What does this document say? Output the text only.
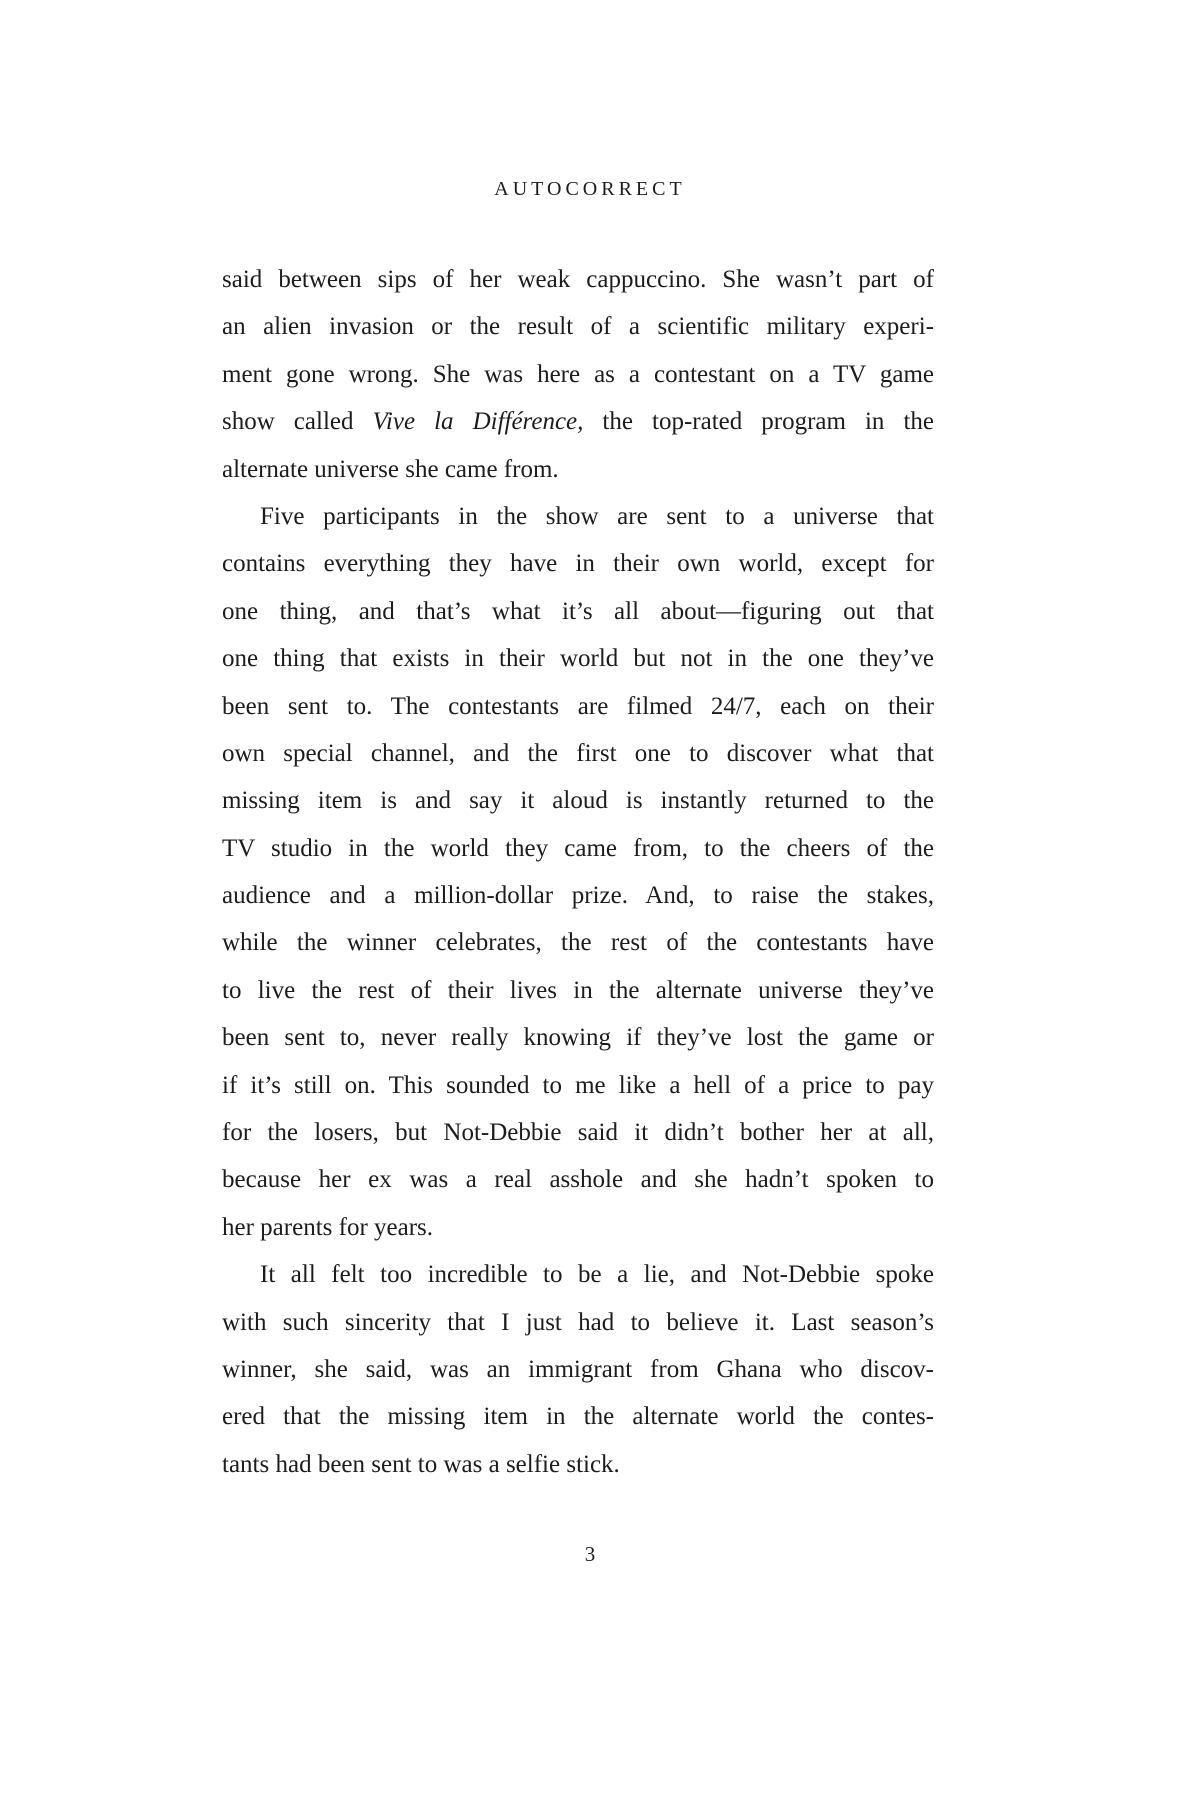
AUTOCORRECT
said between sips of her weak cappuccino. She wasn’t part of
an alien invasion or the result of a scientific military experi-
ment gone wrong. She was here as a contestant on a TV game
show called Vive la Différence, the top-rated program in the
alternate universe she came from.
Five participants in the show are sent to a universe that
contains everything they have in their own world, except for
one thing, and that’s what it’s all about—figuring out that
one thing that exists in their world but not in the one they’ve
been sent to. The contestants are filmed 24/7, each on their
own special channel, and the first one to discover what that
missing item is and say it aloud is instantly returned to the
TV studio in the world they came from, to the cheers of the
audience and a million-dollar prize. And, to raise the stakes,
while the winner celebrates, the rest of the contestants have
to live the rest of their lives in the alternate universe they’ve
been sent to, never really knowing if they’ve lost the game or
if it’s still on. This sounded to me like a hell of a price to pay
for the losers, but Not-Debbie said it didn’t bother her at all,
because her ex was a real asshole and she hadn’t spoken to
her parents for years.
It all felt too incredible to be a lie, and Not-Debbie spoke
with such sincerity that I just had to believe it. Last season’s
winner, she said, was an immigrant from Ghana who discov-
ered that the missing item in the alternate world the contes-
tants had been sent to was a selfie stick.
3
